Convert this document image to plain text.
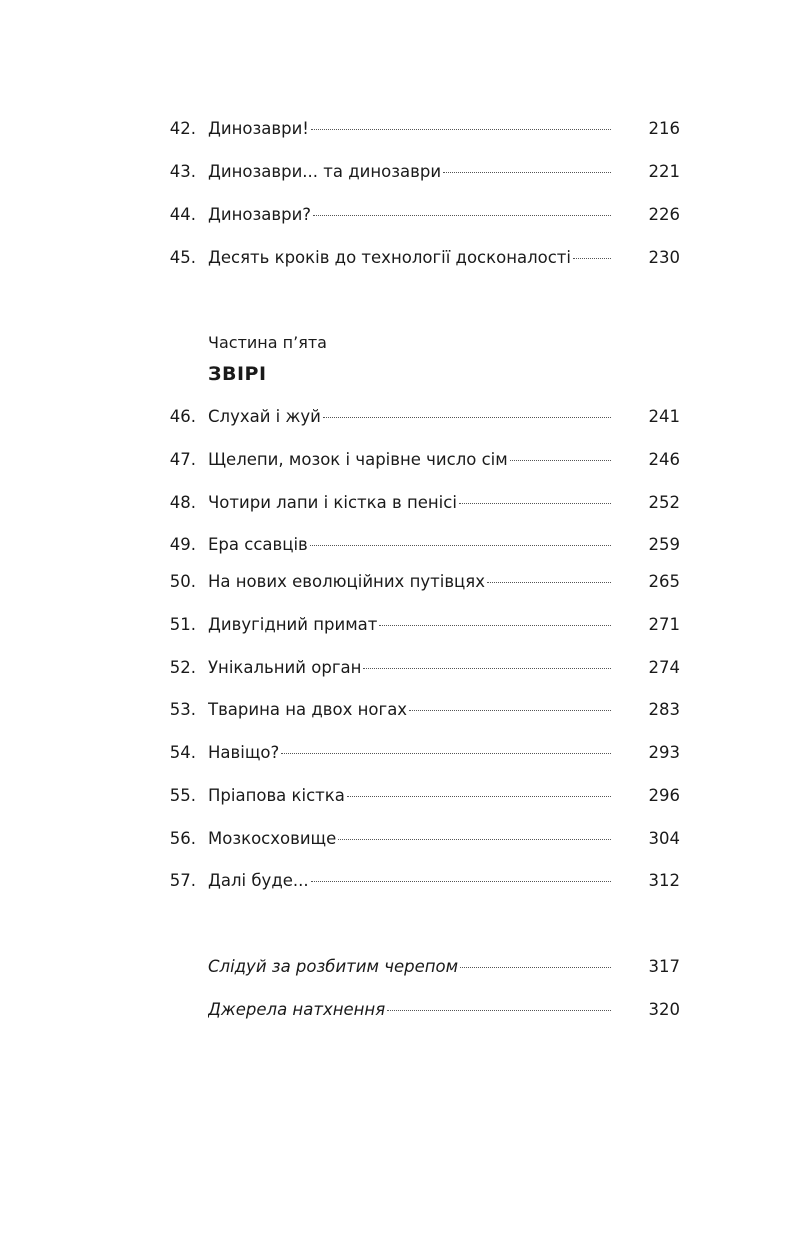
42. Динозаври!	216
43. Динозаври... та динозаври	221
44. Динозаври?	226
45. Десять кроків до технології досконалості	230
Частина п’ята
ЗВІРІ
46. Слухай і жуй	241
47. Щелепи, мозок і чарівне число сім	246
48. Чотири лапи і кістка в пенісі	252
49. Ера ссавців	259
50. На нових еволюційних путівцях	265
51. Дивугідний примат	271
52. Унікальний орган	274
53. Тварина на двох ногах	283
54. Навіщо?	293
55. Пріапова кістка	296
56. Мозкосховище	304
57. Далі буде...	312
Слідуй за розбитим черепом	317
Джерела натхнення	320
